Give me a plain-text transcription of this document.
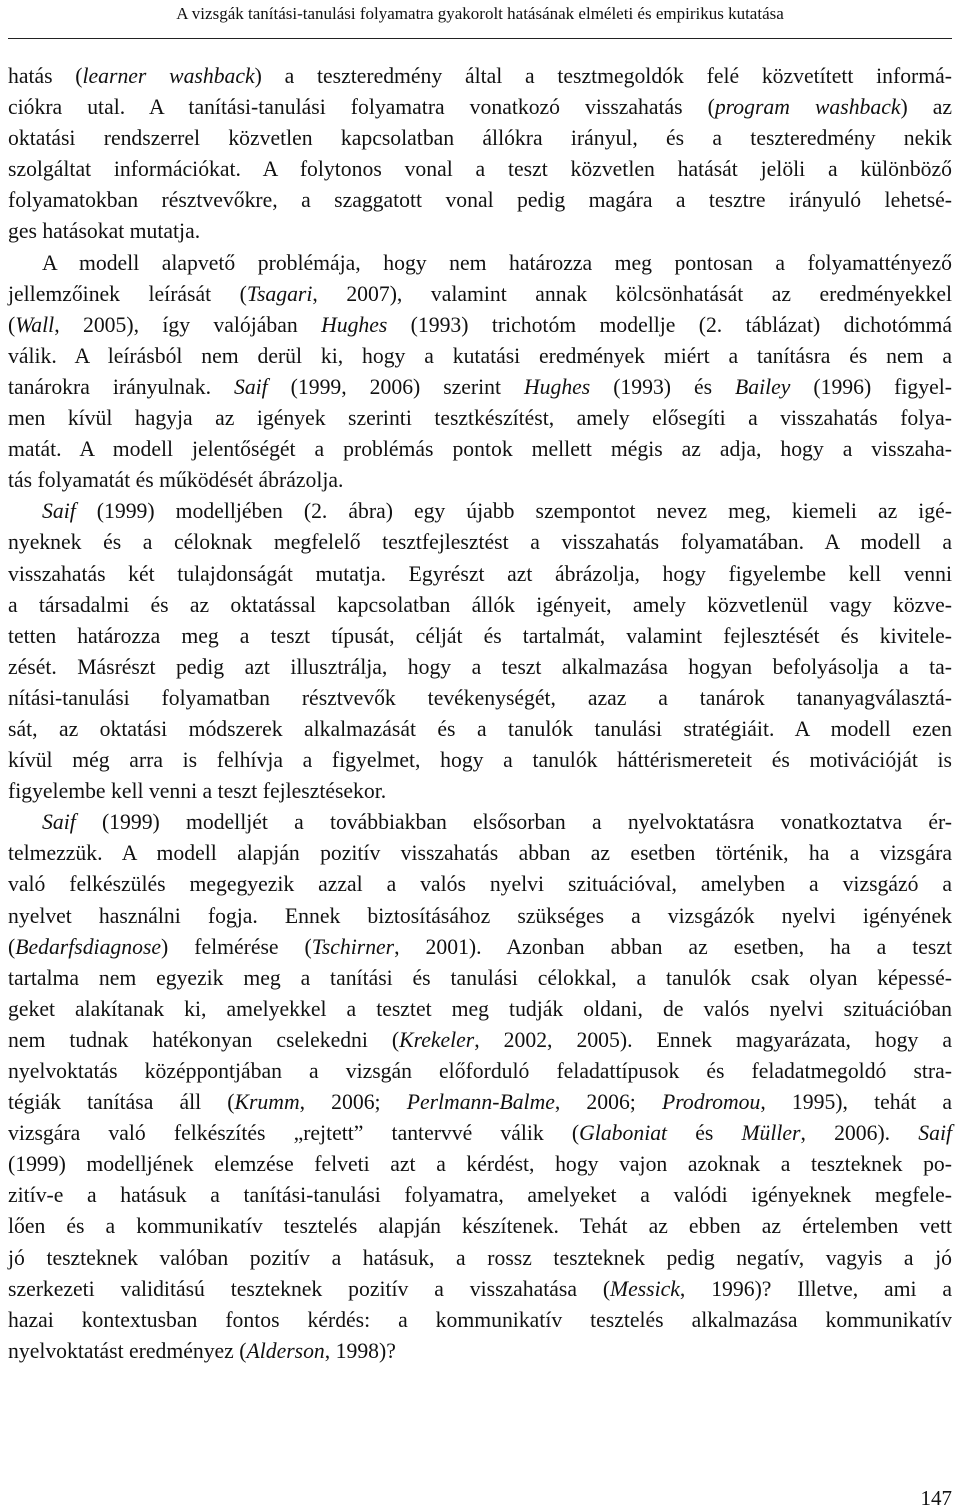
A vizsgák tanítási-tanulási folyamatra gyakorolt hatásának elméleti és empirikus kutatása
hatás (learner washback) a teszteredmény által a tesztmegoldók felé közvetített informá-
ciókra utal. A tanítási-tanulási folyamatra vonatkozó visszahatás (program washback) az
oktatási rendszerrel közvetlen kapcsolatban állókra irányul, és a teszteredmény nekik
szolgáltat információkat. A folytonos vonal a teszt közvetlen hatását jelöli a különböző
folyamatokban résztvevőkre, a szaggatott vonal pedig magára a tesztre irányuló lehetsé-
ges hatásokat mutatja.
A modell alapvető problémája, hogy nem határozza meg pontosan a folyamattényező
jellemzőinek leírását (Tsagari, 2007), valamint annak kölcsönhatását az eredményekkel
(Wall, 2005), így valójában Hughes (1993) trichotóm modellje (2. táblázat) dichotómmá
válik. A leírásból nem derül ki, hogy a kutatási eredmények miért a tanításra és nem a
tanárokra irányulnak. Saif (1999, 2006) szerint Hughes (1993) és Bailey (1996) figyel-
men kívül hagyja az igények szerinti tesztkészítést, amely elősegíti a visszahatás folya-
matát. A modell jelentőségét a problémás pontok mellett mégis az adja, hogy a visszaha-
tás folyamatát és működését ábrázolja.
Saif (1999) modelljében (2. ábra) egy újabb szempontot nevez meg, kiemeli az igé-
nyeknek és a céloknak megfelelő tesztfejlesztést a visszahatás folyamatában. A modell a
visszahatás két tulajdonságát mutatja. Egyrészt azt ábrázolja, hogy figyelembe kell venni
a társadalmi és az oktatással kapcsolatban állók igényeit, amely közvetlenül vagy közve-
tetten határozza meg a teszt típusát, célját és tartalmát, valamint fejlesztését és kivitele-
zését. Másrészt pedig azt illusztrálja, hogy a teszt alkalmazása hogyan befolyásolja a ta-
nítási-tanulási folyamatban résztvevők tevékenységét, azaz a tanárok tananyagválasztá-
sát, az oktatási módszerek alkalmazását és a tanulók tanulási stratégiáit. A modell ezen
kívül még arra is felhívja a figyelmet, hogy a tanulók háttérismereteit és motivációját is
figyelembe kell venni a teszt fejlesztésekor.
Saif (1999) modelljét a továbbiakban elsősorban a nyelvoktatásra vonatkoztatva ér-
telmezzük. A modell alapján pozitív visszahatás abban az esetben történik, ha a vizsgára
való felkészülés megegyezik azzal a valós nyelvi szituációval, amelyben a vizsgázó a
nyelvet használni fogja. Ennek biztosításához szükséges a vizsgázók nyelvi igényének
(Bedarfsdiagnose) felmérése (Tschirner, 2001). Azonban abban az esetben, ha a teszt
tartalma nem egyezik meg a tanítási és tanulási célokkal, a tanulók csak olyan képessé-
geket alakítanak ki, amelyekkel a tesztet meg tudják oldani, de valós nyelvi szituációban
nem tudnak hatékonyan cselekedni (Krekeler, 2002, 2005). Ennek magyarázata, hogy a
nyelvoktatás középpontjában a vizsgán előforduló feladattípusok és feladatmegoldó stra-
tégiák tanítása áll (Krumm, 2006; Perlmann-Balme, 2006; Prodromou, 1995), tehát a
vizsgára való felkészítés „rejtett” tantervvé válik (Glaboniat és Müller, 2006). Saif
(1999) modelljének elemzése felveti azt a kérdést, hogy vajon azoknak a teszteknek po-
zitív-e a hatásuk a tanítási-tanulási folyamatra, amelyeket a valódi igényeknek megfele-
lően és a kommunikatív tesztelés alapján készítenek. Tehát az ebben az értelemben vett
jó teszteknek valóban pozitív a hatásuk, a rossz teszteknek pedig negatív, vagyis a jó
szerkezeti validitású teszteknek pozitív a visszahatása (Messick, 1996)? Illetve, ami a
hazai kontextusban fontos kérdés: a kommunikatív tesztelés alkalmazása kommunikatív
nyelvoktatást eredményez (Alderson, 1998)?
147
